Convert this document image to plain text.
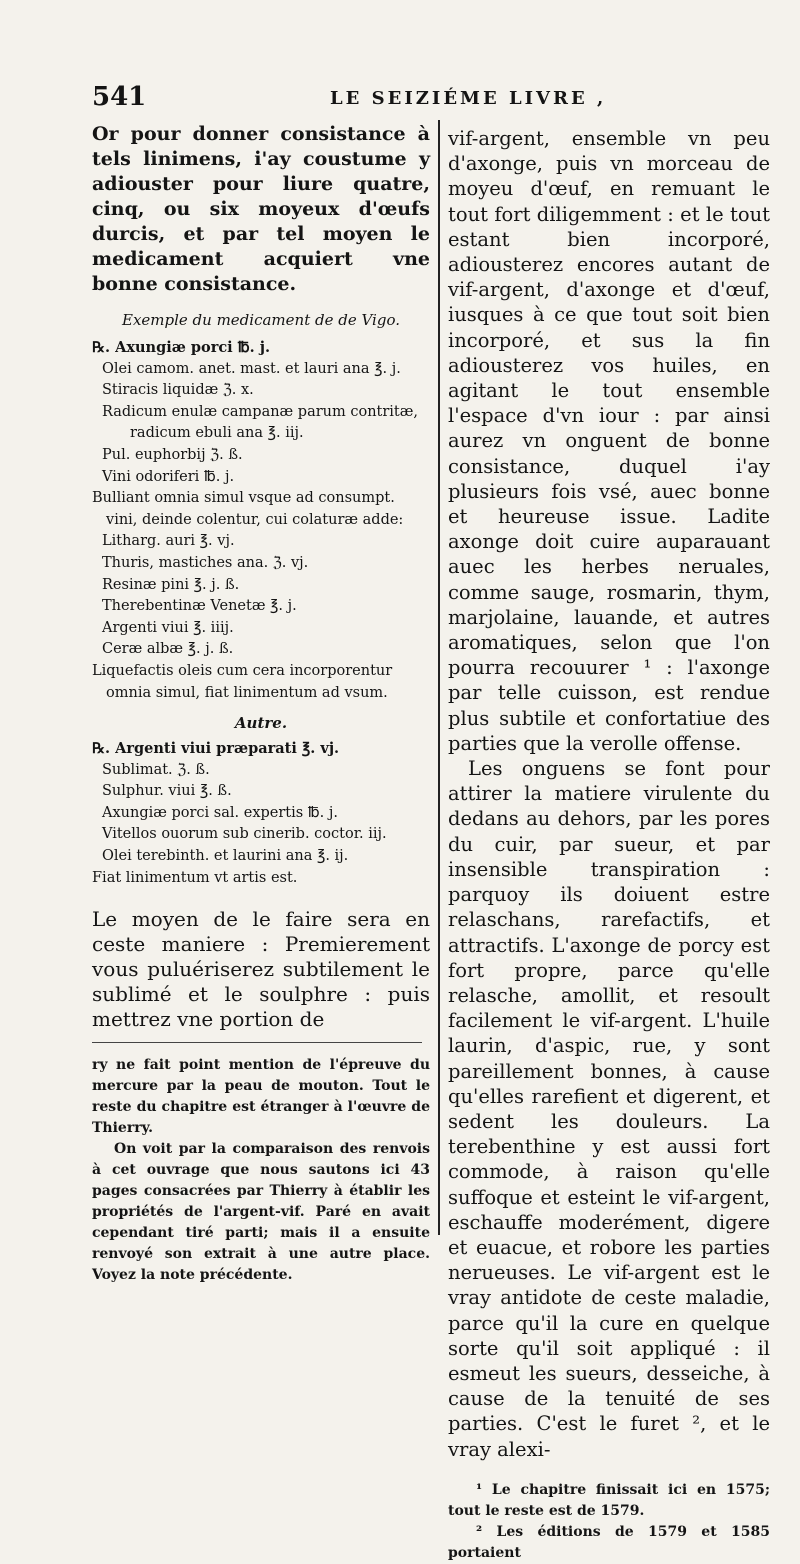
541	LE SEIZIÉME LIVRE ,

Or pour donner consistance à tels linimens, i'ay coustume y adiouster pour liure quatre, cinq, ou six moyeux d'œufs durcis, et par tel moyen le medicament acquiert vne bonne consistance.

Exemple du medicament de de Vigo.

℞. Axungiæ porci ℔. j.

Olei camom. anet. mast. et lauri ana ℥. j.

Stiracis liquidæ ℨ. x.

Radicum enulæ campanæ parum contritæ, radicum ebuli ana ℥. iij.

Pul. euphorbij ℨ. ß.

Vini odoriferi ℔. j.

Bulliant omnia simul vsque ad consumpt. vini, deinde colentur, cui colaturæ adde:

Litharg. auri ℥. vj.

Thuris, mastiches ana. ℨ. vj.

Resinæ pini ℥. j. ß.

Therebentinæ Venetæ ℥. j.

Argenti viui ℥. iiij.

Ceræ albæ ℥. j. ß.

Liquefactis oleis cum cera incorporentur omnia simul, fiat linimentum ad vsum.

Autre.

℞. Argenti viui præparati ℥. vj.

Sublimat. ℨ. ß.

Sulphur. viui ℥. ß.

Axungiæ porci sal. expertis ℔. j.

Vitellos ouorum sub cinerib. coctor. iij.

Olei terebinth. et laurini ana ℥. ij.

Fiat linimentum vt artis est.

Le moyen de le faire sera en ceste maniere : Premierement vous puluériserez subtilement le sublimé et le soulphre : puis mettrez vne portion de

ry ne fait point mention de l'épreuve du mercure par la peau de mouton. Tout le reste du chapitre est étranger à l'œuvre de Thierry.

On voit par la comparaison des renvois à cet ouvrage que nous sautons ici 43 pages consacrées par Thierry à établir les propriétés de l'argent-vif. Paré en avait cependant tiré parti; mais il a ensuite renvoyé son extrait à une autre place. Voyez la note précédente.

vif-argent, ensemble vn peu d'axonge, puis vn morceau de moyeu d'œuf, en remuant le tout fort diligemment : et le tout estant bien incorporé, adiousterez encores autant de vif-argent, d'axonge et d'œuf, iusques à ce que tout soit bien incorporé, et sus la fin adiousterez vos huiles, en agitant le tout ensemble l'espace d'vn iour : par ainsi aurez vn onguent de bonne consistance, duquel i'ay plusieurs fois vsé, auec bonne et heureuse issue. Ladite axonge doit cuire auparauant auec les herbes neruales, comme sauge, rosmarin, thym, marjolaine, lauande, et autres aromatiques, selon que l'on pourra recouurer ¹ : l'axonge par telle cuisson, est rendue plus subtile et confortatiue des parties que la verolle offense.

Les onguens se font pour attirer la matiere virulente du dedans au dehors, par les pores du cuir, par sueur, et par insensible transpiration : parquoy ils doiuent estre relaschans, rarefactifs, et attractifs. L'axonge de porcy est fort propre, parce qu'elle relasche, amollit, et resoult facilement le vif-argent. L'huile laurin, d'aspic, rue, y sont pareillement bonnes, à cause qu'elles rarefient et digerent, et sedent les douleurs. La terebenthine y est aussi fort commode, à raison qu'elle suffoque et esteint le vif-argent, eschauffe moderément, digere et euacue, et robore les parties nerueuses. Le vif-argent est le vray antidote de ceste maladie, parce qu'il la cure en quelque sorte qu'il soit appliqué : il esmeut les sueurs, desseiche, à cause de la tenuité de ses parties. C'est le furet ², et le vray alexi-

¹ Le chapitre finissait ici en 1575; tout le reste est de 1579.

² Les éditions de 1579 et 1585 portaient
